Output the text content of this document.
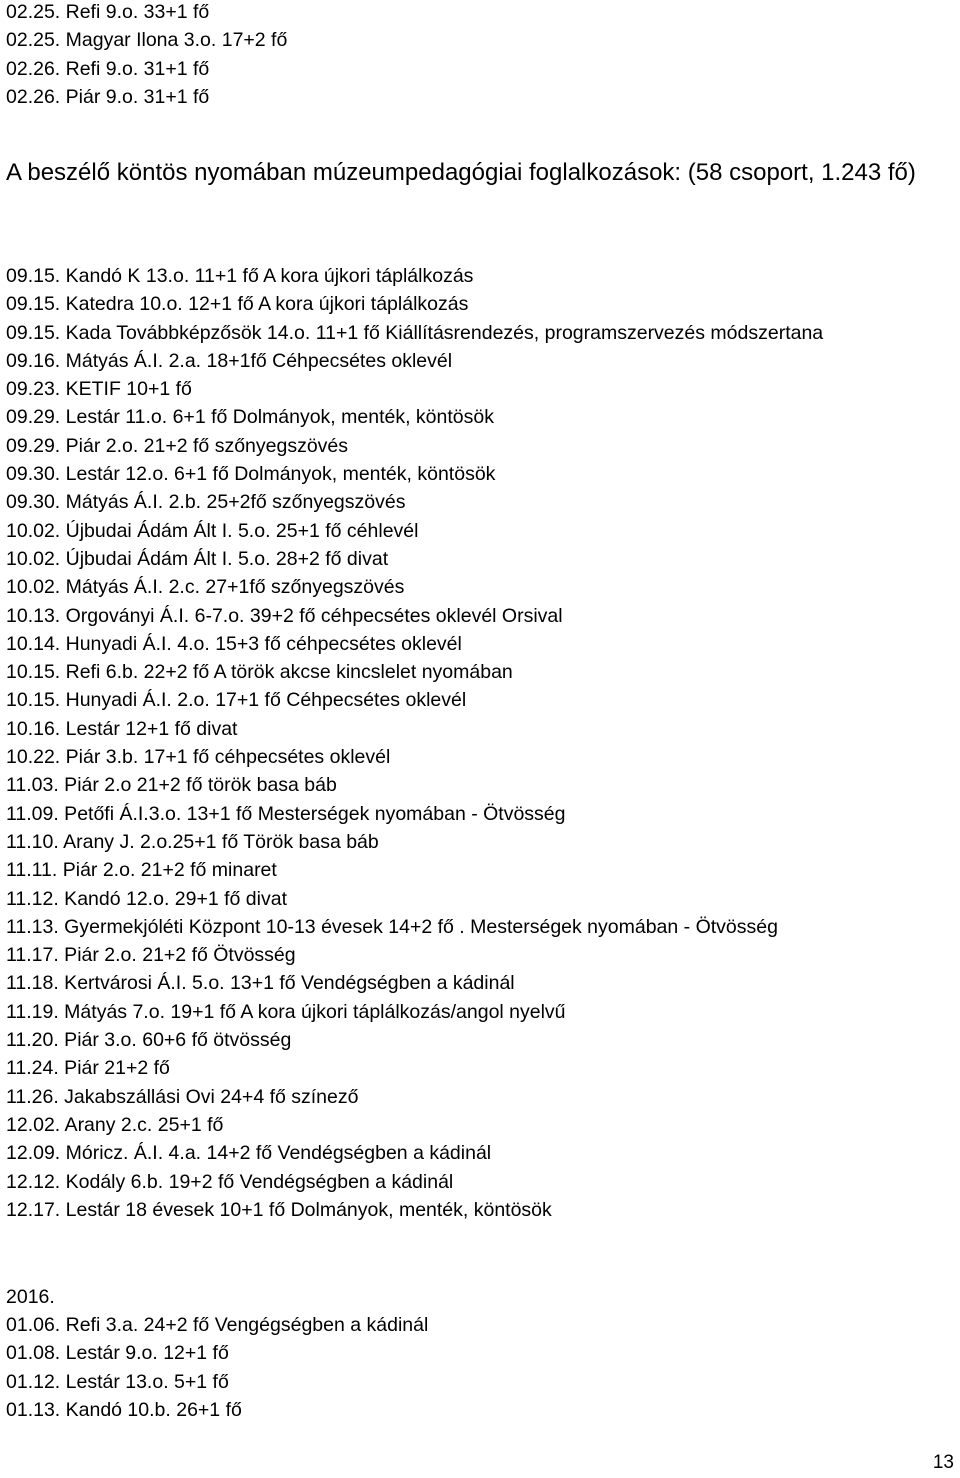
02.25. Refi 9.o. 33+1 fő
02.25. Magyar Ilona 3.o. 17+2 fő
02.26. Refi 9.o. 31+1 fő
02.26. Piár 9.o. 31+1 fő
A beszélő köntös nyomában múzeumpedagógiai foglalkozások: (58 csoport, 1.243 fő)
09.15. Kandó K 13.o. 11+1 fő A kora újkori táplálkozás
09.15. Katedra 10.o. 12+1 fő A kora újkori táplálkozás
09.15. Kada Továbbképzősök 14.o. 11+1 fő Kiállításrendezés, programszervezés módszertana
09.16. Mátyás Á.I. 2.a. 18+1fő Céhpecsétes oklevél
09.23. KETIF 10+1 fő
09.29. Lestár 11.o. 6+1 fő Dolmányok, menték, köntösök
09.29. Piár 2.o. 21+2 fő szőnyegszövés
09.30. Lestár 12.o. 6+1 fő Dolmányok, menték, köntösök
09.30. Mátyás Á.I. 2.b. 25+2fő szőnyegszövés
10.02. Újbudai Ádám Ált I. 5.o. 25+1 fő céhlevél
10.02. Újbudai Ádám Ált I. 5.o. 28+2 fő divat
10.02. Mátyás Á.I. 2.c. 27+1fő szőnyegszövés
10.13. Orgoványi Á.I. 6-7.o. 39+2 fő céhpecsétes oklevél Orsival
10.14. Hunyadi Á.I. 4.o. 15+3 fő céhpecsétes oklevél
10.15. Refi 6.b. 22+2 fő A török akcse kincslelet nyomában
10.15. Hunyadi Á.I. 2.o. 17+1 fő Céhpecsétes oklevél
10.16. Lestár 12+1 fő divat
10.22. Piár 3.b. 17+1 fő céhpecsétes oklevél
11.03. Piár 2.o 21+2 fő török basa báb
11.09. Petőfi Á.I.3.o. 13+1 fő Mesterségek nyomában - Ötvösség
11.10. Arany J. 2.o.25+1 fő Török basa báb
11.11. Piár 2.o. 21+2 fő minaret
11.12. Kandó 12.o. 29+1 fő divat
11.13. Gyermekjóléti Központ 10-13 évesek 14+2 fő . Mesterségek nyomában - Ötvösség
11.17. Piár 2.o. 21+2 fő Ötvösség
11.18. Kertvárosi Á.I. 5.o. 13+1 fő Vendégségben a kádinál
11.19. Mátyás 7.o. 19+1 fő A kora újkori táplálkozás/angol nyelvű
11.20. Piár 3.o. 60+6 fő ötvösség
11.24. Piár 21+2 fő
11.26. Jakabszállási Ovi 24+4 fő színező
12.02. Arany 2.c. 25+1 fő
12.09. Móricz. Á.I. 4.a. 14+2 fő Vendégségben a kádinál
12.12. Kodály 6.b. 19+2 fő Vendégségben a kádinál
12.17. Lestár 18 évesek 10+1 fő Dolmányok, menték, köntösök

2016.

01.06. Refi 3.a. 24+2 fő Vengégségben a kádinál
01.08. Lestár 9.o. 12+1 fő
01.12. Lestár 13.o. 5+1 fő
01.13. Kandó 10.b. 26+1 fő
13
